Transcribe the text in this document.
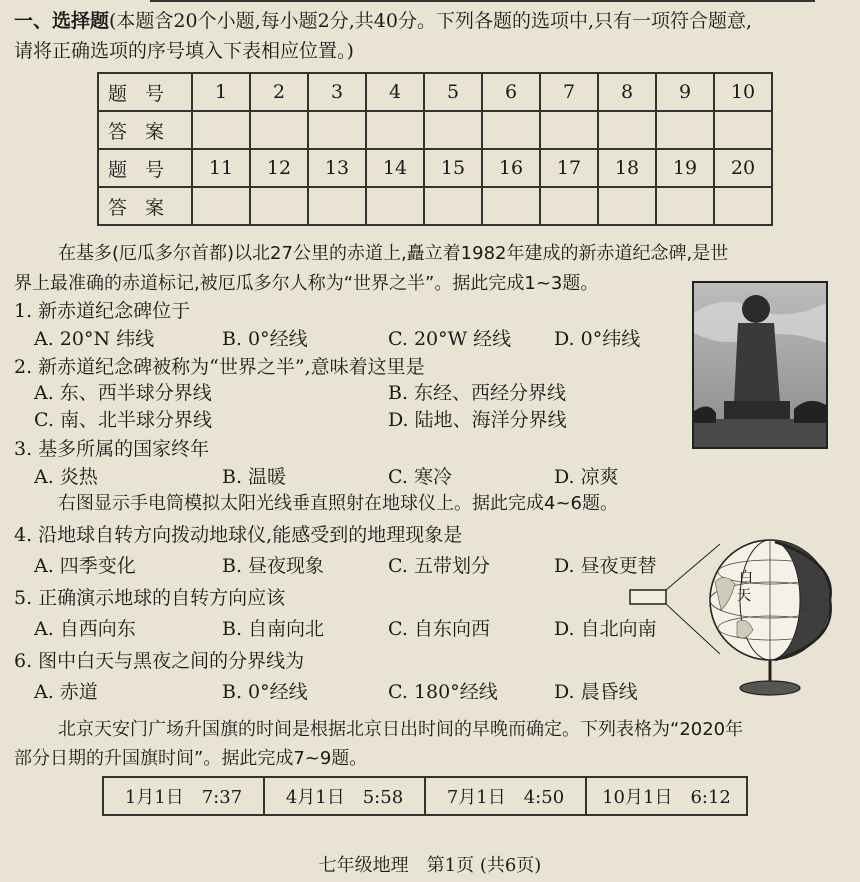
一、选择题(本题含20个小题,每小题2分,共40分。下列各题的选项中,只有一项符合题意,
请将正确选项的序号填入下表相应位置。)
题号	1	2	3	4	5	6	7	8	9	10
答案										
题号	11	12	13	14	15	16	17	18	19	20
答案										
在基多(厄瓜多尔首都)以北27公里的赤道上,矗立着1982年建成的新赤道纪念碑,是世
界上最准确的赤道标记,被厄瓜多尔人称为“世界之半”。据此完成1~3题。
1. 新赤道纪念碑位于
A. 20°N 纬线	B. 0°经线	C. 20°W 经线 D. 0°纬线
2. 新赤道纪念碑被称为“世界之半”,意味着这里是
A. 东、西半球分界线	B. 东经、西经分界线
C. 南、北半球分界线	D. 陆地、海洋分界线
3. 基多所属的国家终年
A. 炎热	B. 温暖	C. 寒冷	D. 凉爽
右图显示手电筒模拟太阳光线垂直照射在地球仪上。据此完成4~6题。
4. 沿地球自转方向拨动地球仪,能感受到的地理现象是
A. 四季变化	B. 昼夜现象	C. 五带划分	D. 昼夜更替
5. 正确演示地球的自转方向应该
A. 自西向东	B. 自南向北	C. 自东向西	D. 自北向南
6. 图中白天与黑夜之间的分界线为
A. 赤道	B. 0°经线	C. 180°经线	D. 晨昏线
白
天
北京天安门广场升国旗的时间是根据北京日出时间的早晚而确定。下列表格为“2020年
部分日期的升国旗时间”。据此完成7~9题。
1月1日　7:37	4月1日　5:58	7月1日　4:50	10月1日　6:12
七年级地理　第1页 (共6页)
